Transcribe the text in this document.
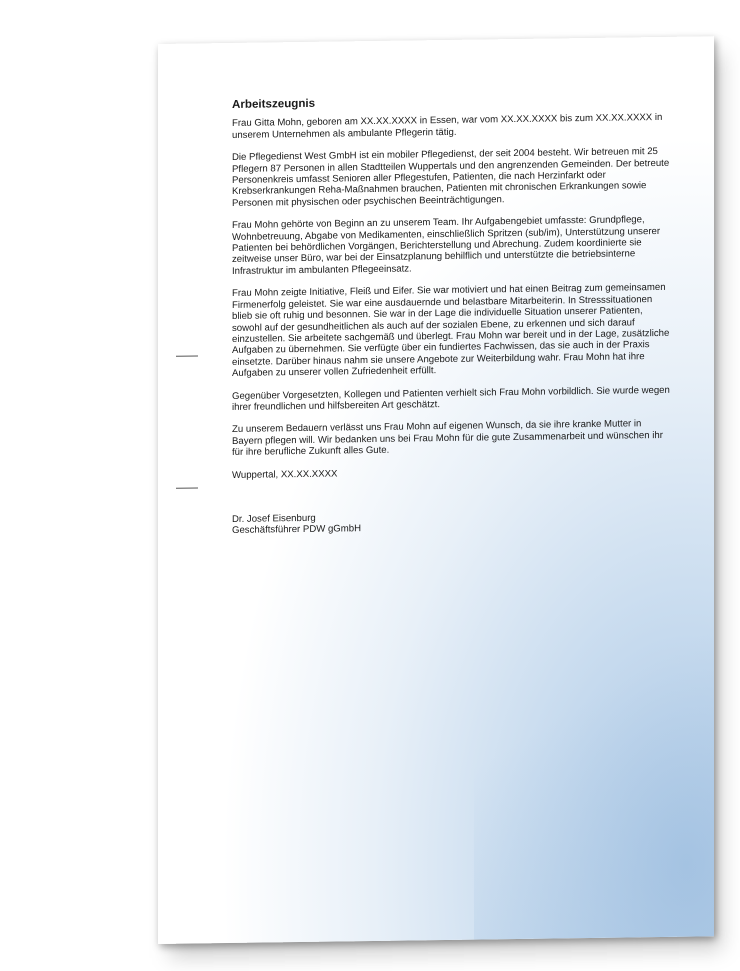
Arbeitszeugnis

Frau Gitta Mohn, geboren am XX.XX.XXXX in Essen, war vom XX.XX.XXXX bis zum XX.XX.XXXX in unserem Unternehmen als ambulante Pflegerin tätig.

Die Pflegedienst West GmbH ist ein mobiler Pflegedienst, der seit 2004 besteht. Wir betreuen mit 25 Pflegern 87 Personen in allen Stadtteilen Wuppertals und den angrenzenden Gemeinden. Der betreute Personenkreis umfasst Senioren aller Pflegestufen, Patienten, die nach Herzinfarkt oder Krebserkrankungen Reha-Maßnahmen brauchen, Patienten mit chronischen Erkrankungen sowie Personen mit physischen oder psychischen Beeinträchtigungen.

Frau Mohn gehörte von Beginn an zu unserem Team. Ihr Aufgabengebiet umfasste: Grundpflege, Wohnbetreuung, Abgabe von Medikamenten, einschließlich Spritzen (sub/im), Unterstützung unserer Patienten bei behördlichen Vorgängen, Berichterstellung und Abrechung. Zudem koordinierte sie zeitweise unser Büro, war bei der Einsatzplanung behilflich und unterstützte die betriebsinterne Infrastruktur im ambulanten Pflegeeinsatz.

Frau Mohn zeigte Initiative, Fleiß und Eifer. Sie war motiviert und hat einen Beitrag zum gemeinsamen Firmenerfolg geleistet. Sie war eine ausdauernde und belastbare Mitarbeiterin. In Stresssituationen blieb sie oft ruhig und besonnen. Sie war in der Lage die individuelle Situation unserer Patienten, sowohl auf der gesundheitlichen als auch auf der sozialen Ebene, zu erkennen und sich darauf einzustellen. Sie arbeitete sachgemäß und überlegt. Frau Mohn war bereit und in der Lage, zusätzliche Aufgaben zu übernehmen. Sie verfügte über ein fundiertes Fachwissen, das sie auch in der Praxis einsetzte. Darüber hinaus nahm sie unsere Angebote zur Weiterbildung wahr. Frau Mohn hat ihre Aufgaben zu unserer vollen Zufriedenheit erfüllt.

Gegenüber Vorgesetzten, Kollegen und Patienten verhielt sich Frau Mohn vorbildlich. Sie wurde wegen ihrer freundlichen und hilfsbereiten Art geschätzt.

Zu unserem Bedauern verlässt uns Frau Mohn auf eigenen Wunsch, da sie ihre kranke Mutter in Bayern pflegen will. Wir bedanken uns bei Frau Mohn für die gute Zusammenarbeit und wünschen ihr für ihre berufliche Zukunft alles Gute.

Wuppertal, XX.XX.XXXX

Dr. Josef Eisenburg

Geschäftsführer PDW gGmbH
